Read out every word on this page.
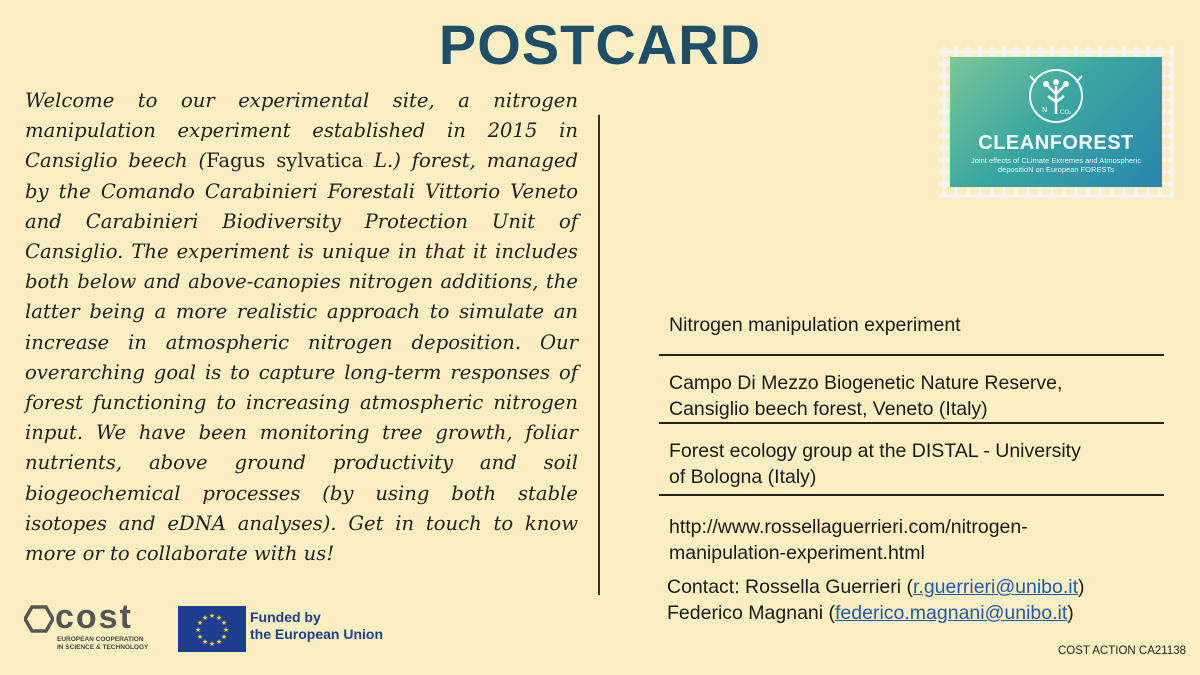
POSTCARD
Welcome to our experimental site, a nitrogen manipulation experiment established in 2015 in Cansiglio beech (Fagus sylvatica L.) forest, managed by the Comando Carabinieri Forestali Vittorio Veneto and Carabinieri Biodiversity Protection Unit of Cansiglio. The experiment is unique in that it includes both below and above-canopies nitrogen additions, the latter being a more realistic approach to simulate an increase in atmospheric nitrogen deposition. Our overarching goal is to capture long-term responses of forest functioning to increasing atmospheric nitrogen input. We have been monitoring tree growth, foliar nutrients, above ground productivity and soil biogeochemical processes (by using both stable isotopes and eDNA analyses). Get in touch to know more or to collaborate with us!
N CO₂
CLEANFOREST
Joint effects of CLimate Extremes and Atmospheric depositioN on European FORESTs
Nitrogen manipulation experiment
Campo Di Mezzo Biogenetic Nature Reserve,
Cansiglio beech forest, Veneto (Italy)
Forest ecology group at the DISTAL - University
of Bologna (Italy)
http://www.rossellaguerrieri.com/nitrogen-
manipulation-experiment.html
Contact: Rossella Guerrieri (r.guerrieri@unibo.it)
Federico Magnani (federico.magnani@unibo.it)
cost
EUROPEAN COOPERATION
IN SCIENCE & TECHNOLOGY
★ ★
★
★
★
★
★
★
★
★
★
★	Funded by
the European Union
COST ACTION CA21138
